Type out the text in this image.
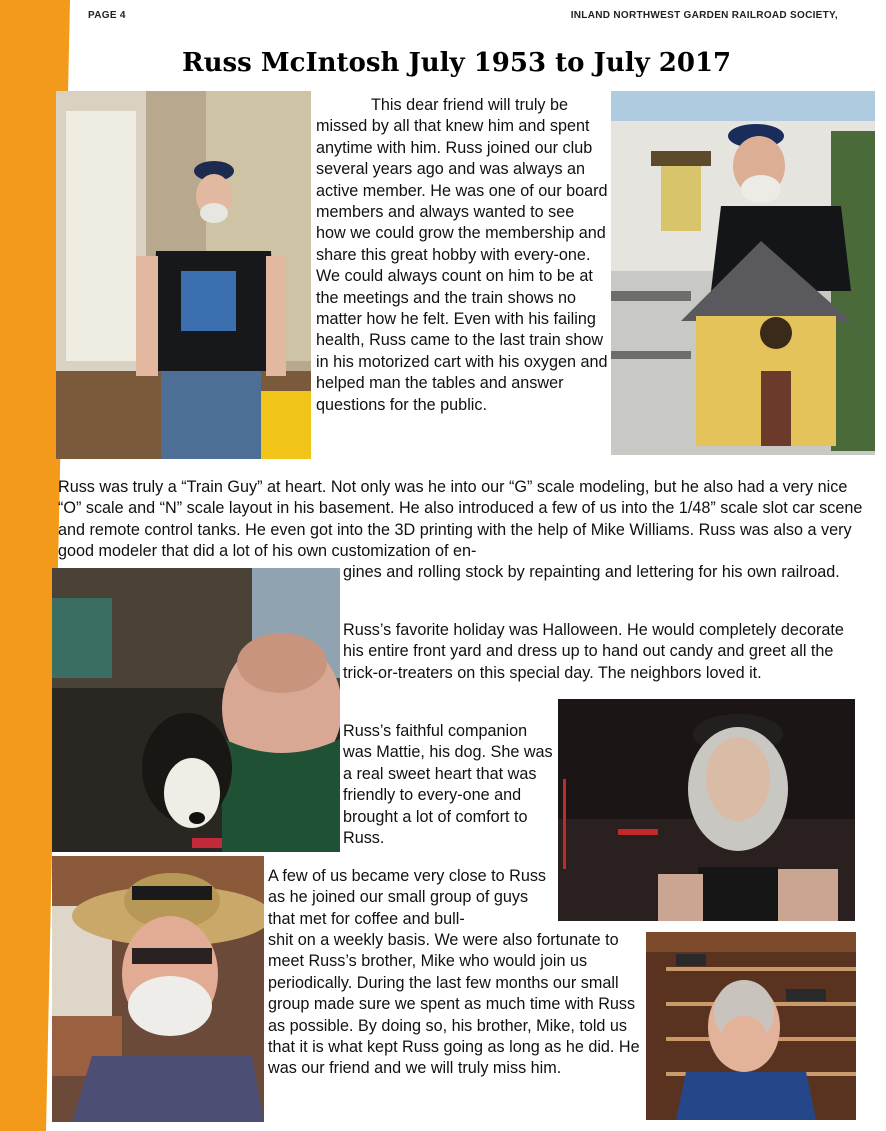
PAGE 4	INLAND NORTHWEST GARDEN RAILROAD SOCIETY,
Russ McIntosh July 1953 to July 2017
This dear friend will truly be missed by all that knew him and spent anytime with him. Russ joined our club several years ago and was always an active member. He was one of our board members and always wanted to see how we could grow the membership and share this great hobby with every-one. We could always count on him to be at the meetings and the train shows no matter how he felt. Even with his failing health, Russ came to the last train show in his motorized cart with his oxygen and helped man the tables and answer questions for the public.
Russ was truly a “Train Guy” at heart. Not only was he into our “G” scale modeling, but he also had a very nice “O” scale and “N” scale layout in his basement. He also introduced a few of us into the 1/48” scale slot car scene and remote control tanks. He even got into the 3D printing with the help of Mike Williams. Russ was also a very good modeler that did a lot of his own customization of en-
gines and rolling stock by repainting and lettering for his own railroad.
Russ’s favorite holiday was Halloween. He would completely decorate his entire front yard and dress up to hand out candy and greet all the trick-or-treaters on this special day. The neighbors loved it.
Russ’s faithful companion was Mattie, his dog. She was a real sweet heart that was friendly to every-one and brought a lot of comfort to Russ.
A few of us became very close to Russ as he joined our small group of guys that met for coffee and bull-
shit on a weekly basis. We were also fortunate to meet Russ’s brother, Mike who would join us periodically. During the last few months our small group made sure we spent as much time with Russ as possible. By doing so, his brother, Mike, told us that it is what kept Russ going as long as he did. He was our friend and we will truly miss him.
